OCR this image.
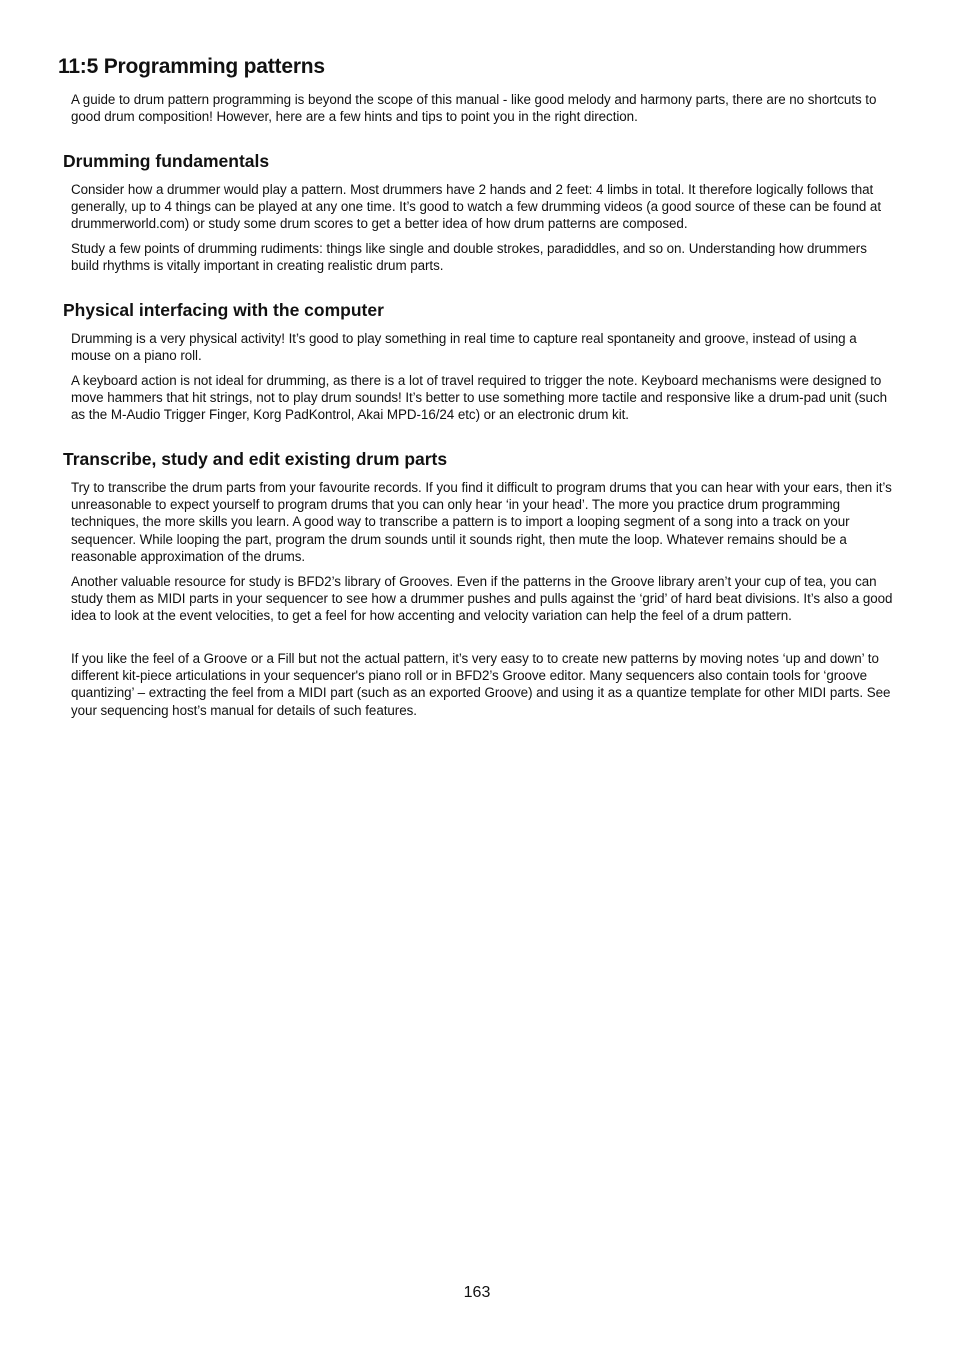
11:5 Programming patterns

A guide to drum pattern programming is beyond the scope of this manual - like good melody and harmony parts, there are no shortcuts to good drum composition! However, here are a few hints and tips to point you in the right direction.

Drumming fundamentals

Consider how a drummer would play a pattern. Most drummers have 2 hands and 2 feet: 4 limbs in total. It therefore logically follows that generally, up to 4 things can be played at any one time. It’s good to watch a few drumming videos (a good source of these can be found at drummerworld.com) or study some drum scores to get a better idea of how drum patterns are composed.

Study a few points of drumming rudiments: things like single and double strokes, paradiddles, and so on. Understanding how drummers build rhythms is vitally important in creating realistic drum parts.

Physical interfacing with the computer

Drumming is a very physical activity! It’s good to play something in real time to capture real spontaneity and groove, instead of using a mouse on a piano roll.

A keyboard action is not ideal for drumming, as there is a lot of travel required to trigger the note. Keyboard mechanisms were designed to move hammers that hit strings, not to play drum sounds! It’s better to use something more tactile and responsive like a drum-pad unit (such as the M-Audio Trigger Finger, Korg PadKontrol, Akai MPD-16/24 etc) or an electronic drum kit.

Transcribe, study and edit existing drum parts

Try to transcribe the drum parts from your favourite records. If you find it difficult to program drums that you can hear with your ears, then it’s unreasonable to expect yourself to program drums that you can only hear ‘in your head’. The more you practice drum programming techniques, the more skills you learn. A good way to transcribe a pattern is to import a looping segment of a song into a track on your sequencer. While looping the part, program the drum sounds until it sounds right, then mute the loop. Whatever remains should be a reasonable approximation of the drums.

Another valuable resource for study is BFD2’s library of Grooves. Even if the patterns in the Groove library aren’t your cup of tea, you can study them as MIDI parts in your sequencer to see how a drummer pushes and pulls against the ‘grid’ of hard beat divisions. It’s also a good idea to look at the event velocities, to get a feel for how accenting and velocity variation can help the feel of a drum pattern.

If you like the feel of a Groove or a Fill but not the actual pattern, it’s very easy to to create new patterns by moving notes ‘up and down’ to different kit-piece articulations in your sequencer's piano roll or in BFD2’s Groove editor. Many sequencers also contain tools for ‘groove quantizing’ – extracting the feel from a MIDI part (such as an exported Groove) and using it as a quantize template for other MIDI parts. See your sequencing host’s manual for details of such features.

163
